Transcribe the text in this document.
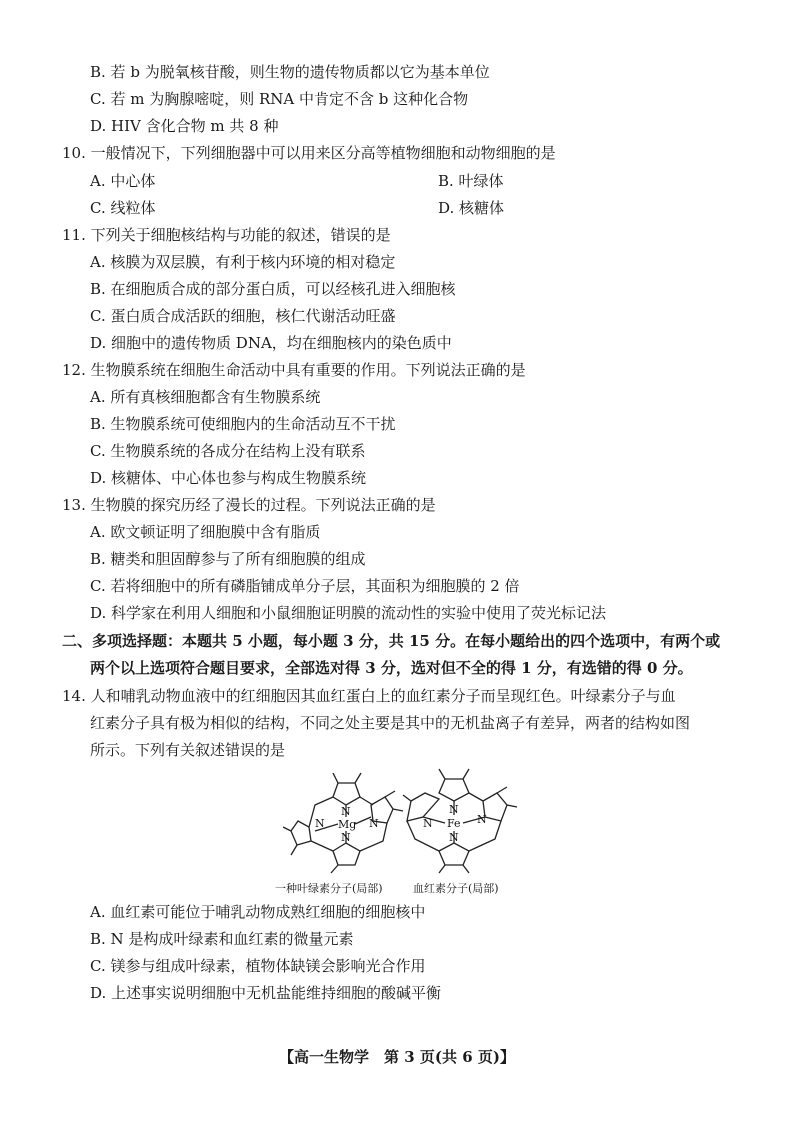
B. 若 b 为脱氧核苷酸，则生物的遗传物质都以它为基本单位
C. 若 m 为胸腺嘧啶，则 RNA 中肯定不含 b 这种化合物
D. HIV 含化合物 m 共 8 种
10. 一般情况下，下列细胞器中可以用来区分高等植物细胞和动物细胞的是
A. 中心体	B. 叶绿体
C. 线粒体	D. 核糖体
11. 下列关于细胞核结构与功能的叙述，错误的是
A. 核膜为双层膜，有利于核内环境的相对稳定
B. 在细胞质合成的部分蛋白质，可以经核孔进入细胞核
C. 蛋白质合成活跃的细胞，核仁代谢活动旺盛
D. 细胞中的遗传物质 DNA，均在细胞核内的染色质中
12. 生物膜系统在细胞生命活动中具有重要的作用。下列说法正确的是
A. 所有真核细胞都含有生物膜系统
B. 生物膜系统可使细胞内的生命活动互不干扰
C. 生物膜系统的各成分在结构上没有联系
D. 核糖体、中心体也参与构成生物膜系统
13. 生物膜的探究历经了漫长的过程。下列说法正确的是
A. 欧文顿证明了细胞膜中含有脂质
B. 糖类和胆固醇参与了所有细胞膜的组成
C. 若将细胞中的所有磷脂铺成单分子层，其面积为细胞膜的 2 倍
D. 科学家在利用人细胞和小鼠细胞证明膜的流动性的实验中使用了荧光标记法
二、多项选择题：本题共 5 小题，每小题 3 分，共 15 分。在每小题给出的四个选项中，有两个或
两个以上选项符合题目要求，全部选对得 3 分，选对但不全的得 1 分，有选错的得 0 分。
14. 人和哺乳动物血液中的红细胞因其血红蛋白上的血红素分子而呈现红色。叶绿素分子与血
红素分子具有极为相似的结构，不同之处主要是其中的无机盐离子有差异，两者的结构如图
所示。下列有关叙述错误的是
N
N
N
N Mg
N
N
N
N Fe
一种叶绿素分子(局部)	血红素分子(局部)
A. 血红素可能位于哺乳动物成熟红细胞的细胞核中
B. N 是构成叶绿素和血红素的微量元素
C. 镁参与组成叶绿素，植物体缺镁会影响光合作用
D. 上述事实说明细胞中无机盐能维持细胞的酸碱平衡
【高一生物学　第 3 页(共 6 页)】
